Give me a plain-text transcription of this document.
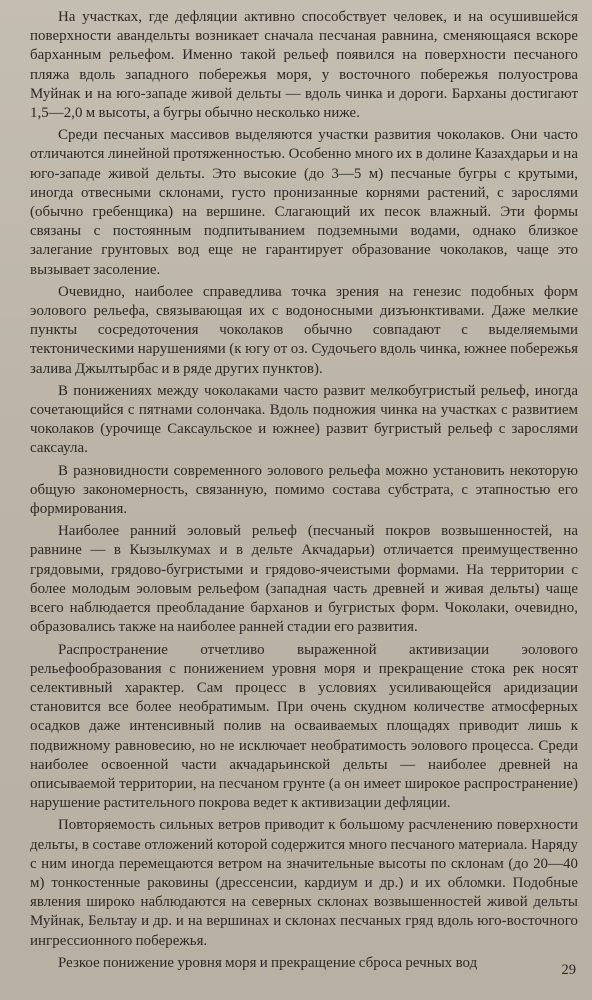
На участках, где дефляции активно способствует человек, и на осушившейся поверхности авандельты возникает сначала песчаная равнина, сменяющаяся вскоре барханным рельефом. Именно такой рельеф появился на поверхности песчаного пляжа вдоль западного побережья моря, у восточного побережья полуострова Муйнак и на юго-западе живой дельты — вдоль чинка и дороги. Барханы достигают 1,5—2,0 м высоты, а бугры обычно несколько ниже.

Среди песчаных массивов выделяются участки развития чоколаков. Они часто отличаются линейной протяженностью. Особенно много их в долине Казахдарьи и на юго-западе живой дельты. Это высокие (до 3—5 м) песчаные бугры с крутыми, иногда отвесными склонами, густо пронизанные корнями растений, с зарослями (обычно гребенщика) на вершине. Слагающий их песок влажный. Эти формы связаны с постоянным подпитыванием подземными водами, однако близкое залегание грунтовых вод еще не гарантирует образование чоколаков, чаще это вызывает засоление.

Очевидно, наиболее справедлива точка зрения на генезис подобных форм эолового рельефа, связывающая их с водоносными дизъюнктивами. Даже мелкие пункты сосредоточения чоколаков обычно совпадают с выделяемыми тектоническими нарушениями (к югу от оз. Судочьего вдоль чинка, южнее побережья залива Джылтырбас и в ряде других пунктов).

В понижениях между чоколаками часто развит мелкобугристый рельеф, иногда сочетающийся с пятнами солончака. Вдоль подножия чинка на участках с развитием чоколаков (урочище Саксаульское и южнее) развит бугристый рельеф с зарослями саксаула.

В разновидности современного эолового рельефа можно установить некоторую общую закономерность, связанную, помимо состава субстрата, с этапностью его формирования.

Наиболее ранний эоловый рельеф (песчаный покров возвышенностей, на равнине — в Кызылкумах и в дельте Акчадарьи) отличается преимущественно грядовыми, грядово-бугристыми и грядово-ячеистыми формами. На территории с более молодым эоловым рельефом (западная часть древней и живая дельты) чаще всего наблюдается преобладание барханов и бугристых форм. Чоколаки, очевидно, образовались также на наиболее ранней стадии его развития.

Распространение отчетливо выраженной активизации эолового рельефообразования с понижением уровня моря и прекращение стока рек носят селективный характер. Сам процесс в условиях усиливающейся аридизации становится все более необратимым. При очень скудном количестве атмосферных осадков даже интенсивный полив на осваиваемых площадях приводит лишь к подвижному равновесию, но не исключает необратимость эолового процесса. Среди наиболее освоенной части акчадарьинской дельты — наиболее древней на описываемой территории, на песчаном грунте (а он имеет широкое распространение) нарушение растительного покрова ведет к активизации дефляции.

Повторяемость сильных ветров приводит к большому расчленению поверхности дельты, в составе отложений которой содержится много песчаного материала. Наряду с ним иногда перемещаются ветром на значительные высоты по склонам (до 20—40 м) тонкостенные раковины (дрессенсии, кардиум и др.) и их обломки. Подобные явления широко наблюдаются на северных склонах возвышенностей живой дельты Муйнак, Бельтау и др. и на вершинах и склонах песчаных гряд вдоль юго-восточного ингрессионного побережья.

Резкое понижение уровня моря и прекращение сброса речных вод	29
